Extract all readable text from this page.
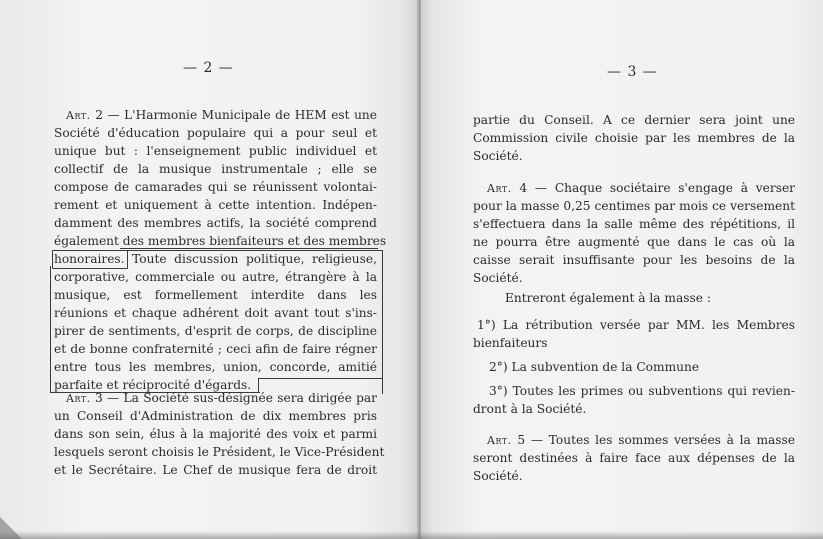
— 2 —
Art. 2 — L'Harmonie Municipale de HEM est une
Société d'éducation populaire qui a pour seul et
unique but : l'enseignement public individuel et
collectif de la musique instrumentale ; elle se
compose de camarades qui se réunissent volontai-
rement et uniquement à cette intention. Indépen-
damment des membres actifs, la société comprend
également des membres bienfaiteurs et des membres
honoraires. Toute discussion politique, religieuse,
corporative, commerciale ou autre, étrangère à la
musique, est formellement interdite dans les
réunions et chaque adhérent doit avant tout s'ins-
pirer de sentiments, d'esprit de corps, de discipline
et de bonne confraternité ; ceci afin de faire régner
entre tous les membres, union, concorde, amitié
parfaite et réciprocité d'égards.
Art. 3 — La Société sus-désignée sera dirigée par
un Conseil d'Administration de dix membres pris
dans son sein, élus à la majorité des voix et parmi
lesquels seront choisis le Président, le Vice-Président
et le Secrétaire. Le Chef de musique fera de droit
— 3 —
partie du Conseil. A ce dernier sera joint une
Commission civile choisie par les membres de la
Société.
Art. 4 — Chaque sociétaire s'engage à verser
pour la masse 0,25 centimes par mois ce versement
s'effectuera dans la salle même des répétitions, il
ne pourra être augmenté que dans le cas où la
caisse serait insuffisante pour les besoins de la
Société.
Entreront également à la masse :
1°) La rétribution versée par MM. les Membres
bienfaiteurs
2°) La subvention de la Commune
3°) Toutes les primes ou subventions qui revien-
dront à la Société.
Art. 5 — Toutes les sommes versées à la masse
seront destinées à faire face aux dépenses de la
Société.
